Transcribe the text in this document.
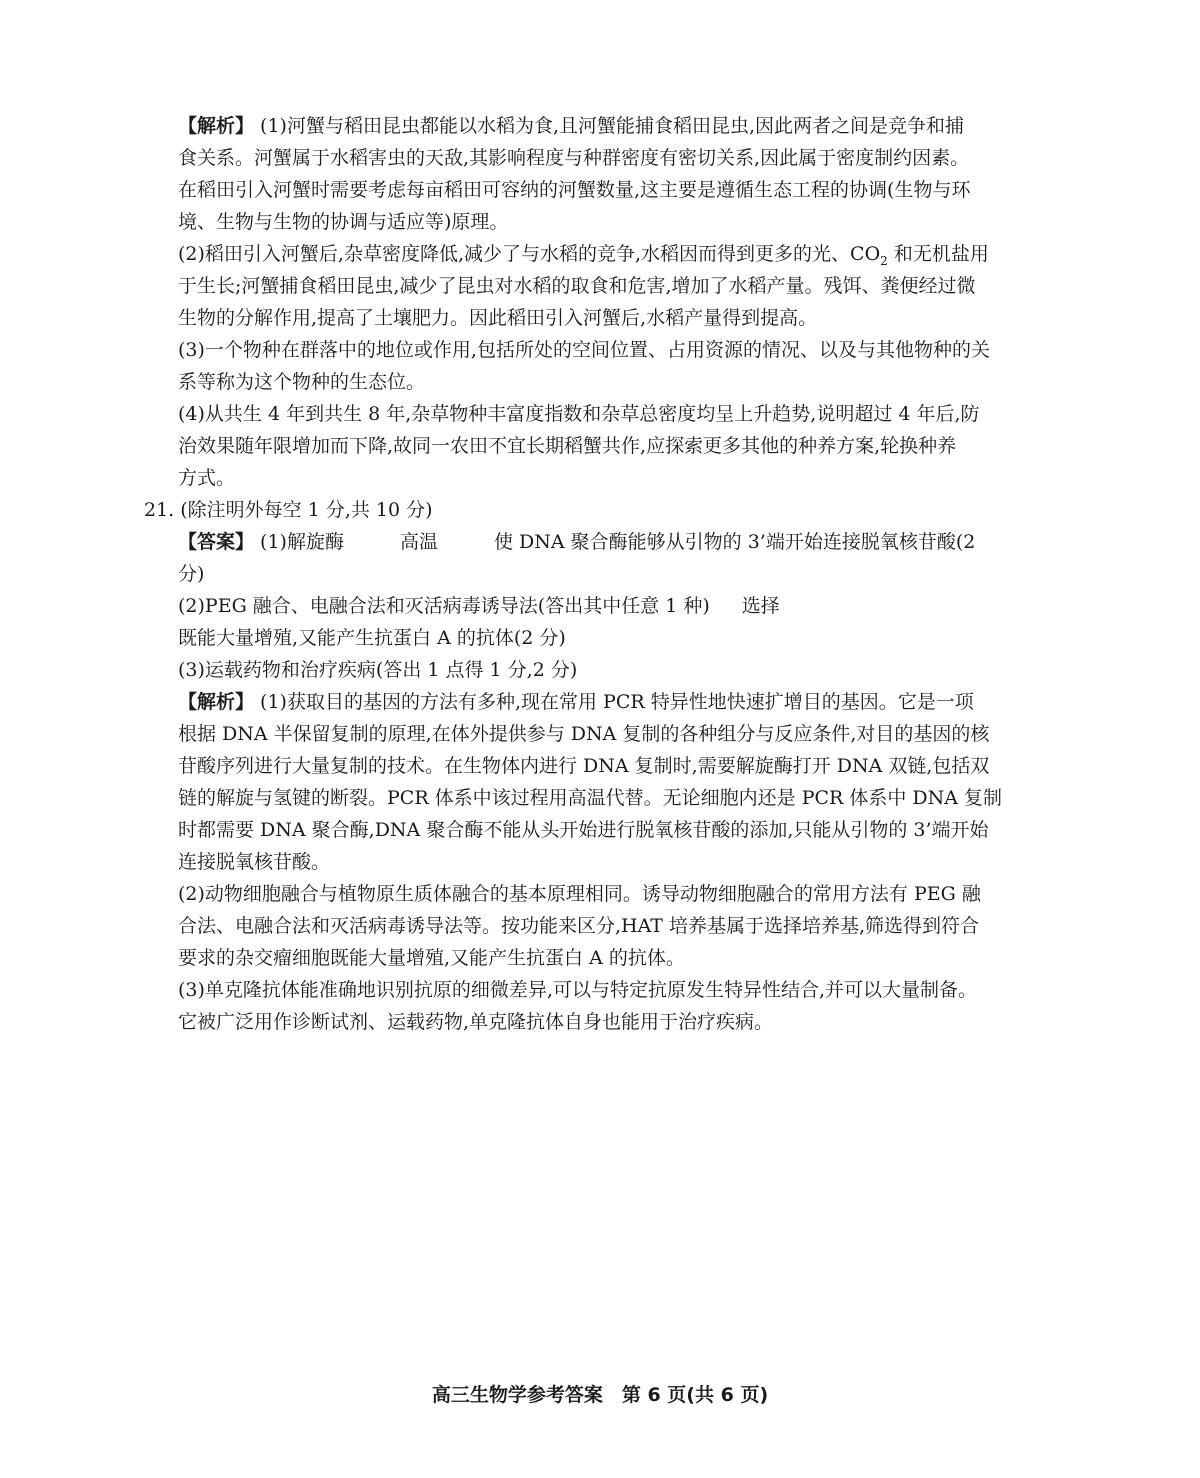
【解析】 (1)河蟹与稻田昆虫都能以水稻为食,且河蟹能捕食稻田昆虫,因此两者之间是竞争和捕
食关系。河蟹属于水稻害虫的天敌,其影响程度与种群密度有密切关系,因此属于密度制约因素。
在稻田引入河蟹时需要考虑每亩稻田可容纳的河蟹数量,这主要是遵循生态工程的协调(生物与环
境、生物与生物的协调与适应等)原理。
(2)稻田引入河蟹后,杂草密度降低,减少了与水稻的竞争,水稻因而得到更多的光、$CO_2$ 和无机盐用
于生长;河蟹捕食稻田昆虫,减少了昆虫对水稻的取食和危害,增加了水稻产量。残饵、粪便经过微
生物的分解作用,提高了土壤肥力。因此稻田引入河蟹后,水稻产量得到提高。
(3)一个物种在群落中的地位或作用,包括所处的空间位置、占用资源的情况、以及与其他物种的关
系等称为这个物种的生态位。
(4)从共生 4 年到共生 8 年,杂草物种丰富度指数和杂草总密度均呈上升趋势,说明超过 4 年后,防
治效果随年限增加而下降,故同一农田不宜长期稻蟹共作,应探索更多其他的种养方案,轮换种养
方式。
21. (除注明外每空 1 分,共 10 分)
【答案】 (1)解旋酶	高温	使 DNA 聚合酶能够从引物的 3’端开始连接脱氧核苷酸(2
分)
(2)PEG 融合、电融合法和灭活病毒诱导法(答出其中任意 1 种) 选择
既能大量增殖,又能产生抗蛋白 A 的抗体(2 分)
(3)运载药物和治疗疾病(答出 1 点得 1 分,2 分)
【解析】 (1)获取目的基因的方法有多种,现在常用 PCR 特异性地快速扩增目的基因。它是一项
根据 DNA 半保留复制的原理,在体外提供参与 DNA 复制的各种组分与反应条件,对目的基因的核
苷酸序列进行大量复制的技术。在生物体内进行 DNA 复制时,需要解旋酶打开 DNA 双链,包括双
链的解旋与氢键的断裂。PCR 体系中该过程用高温代替。无论细胞内还是 PCR 体系中 DNA 复制
时都需要 DNA 聚合酶,DNA 聚合酶不能从头开始进行脱氧核苷酸的添加,只能从引物的 3’端开始
连接脱氧核苷酸。
(2)动物细胞融合与植物原生质体融合的基本原理相同。诱导动物细胞融合的常用方法有 PEG 融
合法、电融合法和灭活病毒诱导法等。按功能来区分,HAT 培养基属于选择培养基,筛选得到符合
要求的杂交瘤细胞既能大量增殖,又能产生抗蛋白 A 的抗体。
(3)单克隆抗体能准确地识别抗原的细微差异,可以与特定抗原发生特异性结合,并可以大量制备。
它被广泛用作诊断试剂、运载药物,单克隆抗体自身也能用于治疗疾病。
高三生物学参考答案　第 6 页(共 6 页)
